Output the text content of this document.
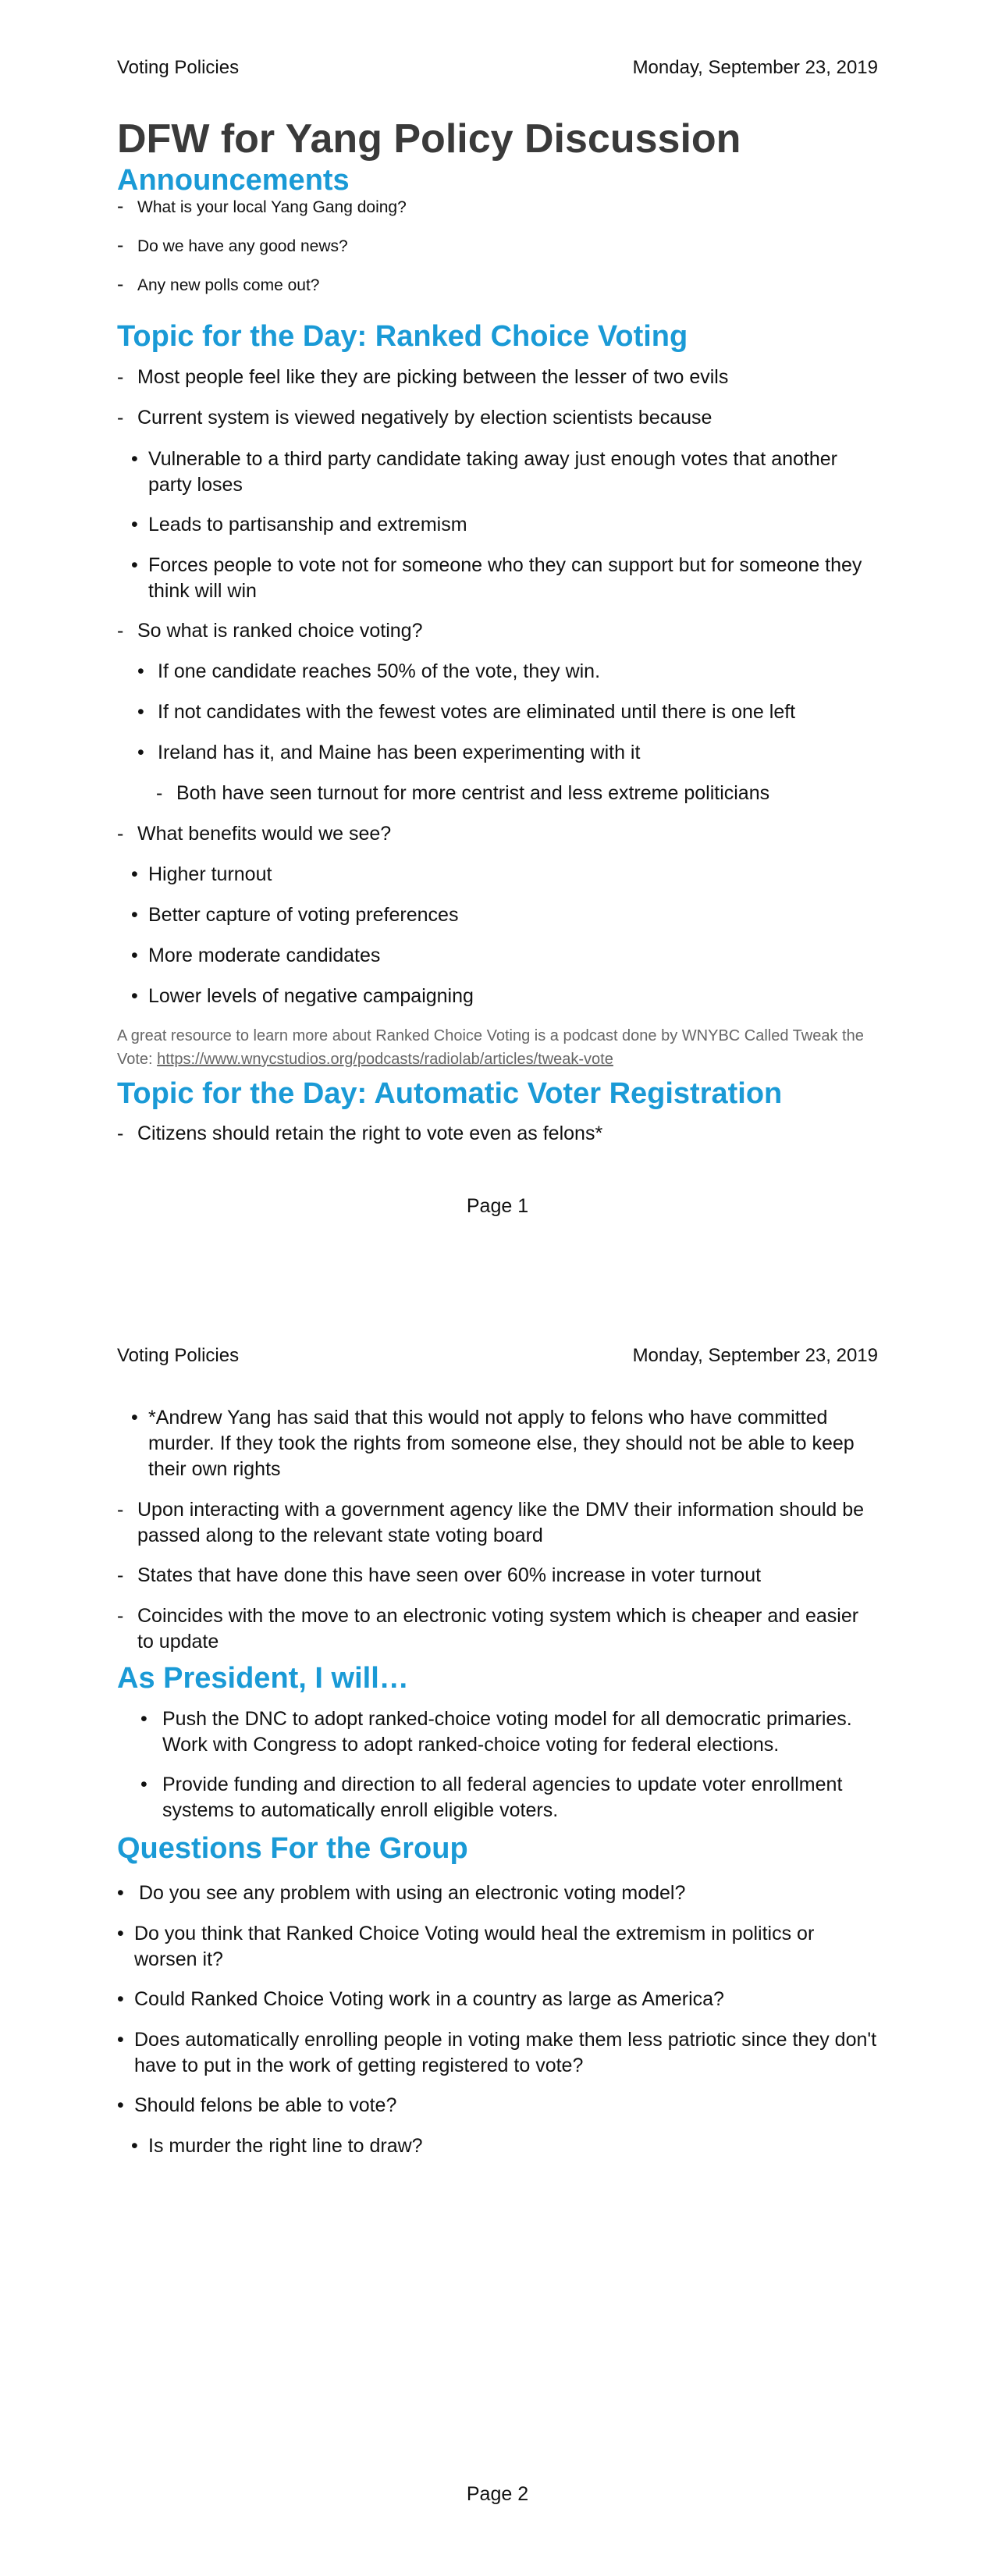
Voting Policies	Monday, September 23, 2019
DFW for Yang Policy Discussion
Announcements
- What is your local Yang Gang doing?
- Do we have any good news?
- Any new polls come out?
Topic for the Day: Ranked Choice Voting
- Most people feel like they are picking between the lesser of two evils
- Current system is viewed negatively by election scientists because
• Vulnerable to a third party candidate taking away just enough votes that another party loses
• Leads to partisanship and extremism
• Forces people to vote not for someone who they can support but for someone they think will win
- So what is ranked choice voting?
• If one candidate reaches 50% of the vote, they win.
• If not candidates with the fewest votes are eliminated until there is one left
• Ireland has it, and Maine has been experimenting with it
- Both have seen turnout for more centrist and less extreme politicians
- What benefits would we see?
• Higher turnout
• Better capture of voting preferences
• More moderate candidates
• Lower levels of negative campaigning
A great resource to learn more about Ranked Choice Voting is a podcast done by WNYBC Called Tweak the Vote: https://www.wnycstudios.org/podcasts/radiolab/articles/tweak-vote
Topic for the Day: Automatic Voter Registration
- Citizens should retain the right to vote even as felons*
Page 1
Voting Policies	Monday, September 23, 2019
• *Andrew Yang has said that this would not apply to felons who have committed murder. If they took the rights from someone else, they should not be able to keep their own rights
- Upon interacting with a government agency like the DMV their information should be passed along to the relevant state voting board
- States that have done this have seen over 60% increase in voter turnout
- Coincides with the move to an electronic voting system which is cheaper and easier to update
As President, I will…
• Push the DNC to adopt ranked-choice voting model for all democratic primaries. Work with Congress to adopt ranked-choice voting for federal elections.
• Provide funding and direction to all federal agencies to update voter enrollment systems to automatically enroll eligible voters.
Questions For the Group
• Do you see any problem with using an electronic voting model?
• Do you think that Ranked Choice Voting would heal the extremism in politics or worsen it?
• Could Ranked Choice Voting work in a country as large as America?
• Does automatically enrolling people in voting make them less patriotic since they don't have to put in the work of getting registered to vote?
• Should felons be able to vote?
• Is murder the right line to draw?
Page 2
